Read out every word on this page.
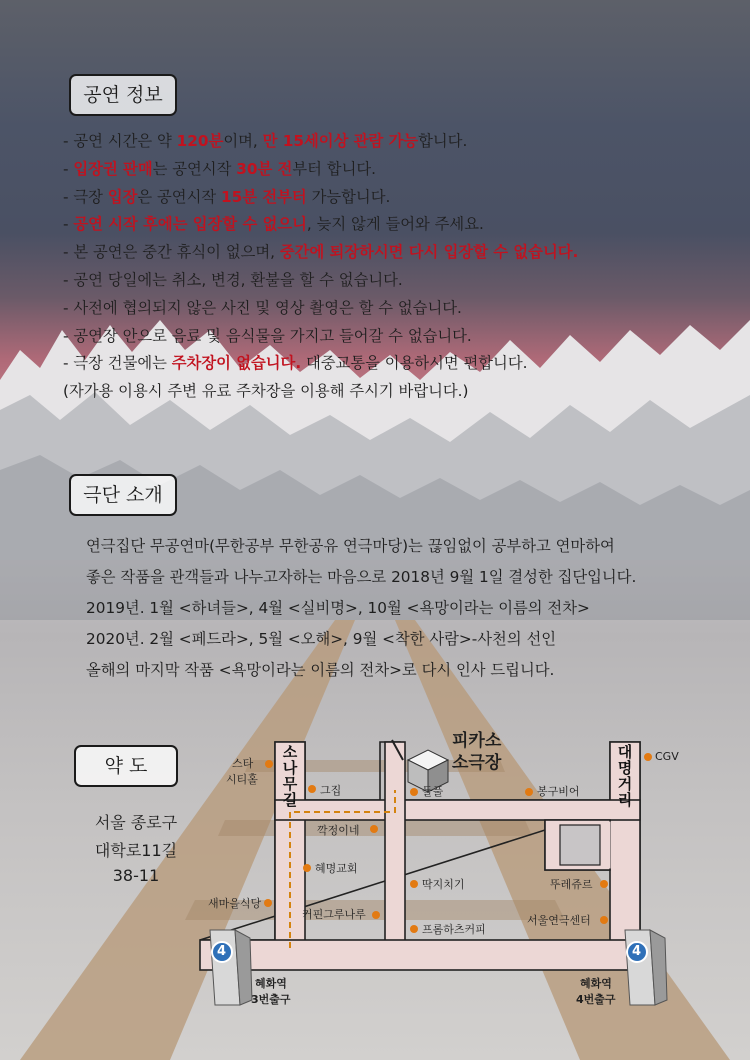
공연 정보
- 공연 시간은 약 120분이며, 만 15세이상 관람 가능합니다.
- 입장권 판매는 공연시작 30분 전부터 합니다.
- 극장 입장은 공연시작 15분 전부터 가능합니다.
- 공연 시작 후에는 입장할 수 없으니, 늦지 않게 들어와 주세요.
- 본 공연은 중간 휴식이 없으며, 중간에 퇴장하시면 다시 입장할 수 없습니다.
- 공연 당일에는 취소, 변경, 환불을 할 수 없습니다.
- 사전에 협의되지 않은 사진 및 영상 촬영은 할 수 없습니다.
- 공연장 안으로 음료 및 음식물을 가지고 들어갈 수 없습니다.
- 극장 건물에는 주차장이 없습니다. 대중교통을 이용하시면 편합니다.
(자가용 이용시 주변 유료 주차장을 이용해 주시기 바랍니다.)
극단 소개
연극집단 무공연마(무한공부 무한공유 연극마당)는 끊임없이 공부하고 연마하여
좋은 작품을 관객들과 나누고자하는 마음으로 2018년 9월 1일 결성한 집단입니다.
2019년. 1월 <하녀들>, 4월 <실비명>, 10월 <욕망이라는 이름의 전차>
2020년. 2월 <페드라>, 5월 <오해>, 9월 <착한 사람>-사천의 선인
올해의 마지막 작품 <욕망이라는 이름의 전차>로 다시 인사 드립니다.
약 도
서울 종로구
대학로11길
38-11
4	4
혜화역
3번출구
혜화역
4번출구
피카소
소극장
소나무길
대명거리
스타
시티홀
그집	들풀	봉구비어
CGV
깍정이네
혜명교회
딱지치기	뚜레쥬르
새마을식당
커핀그루나루
프롬하츠커피
서울연극센터
